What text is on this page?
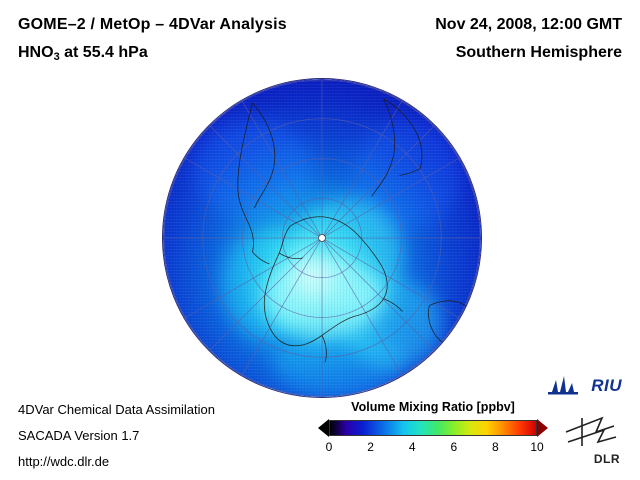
GOME–2 / MetOp – 4DVar Analysis
$HNO_3$ at 55.4 hPa
Nov 24, 2008, 12:00 GMT
Southern Hemisphere
4DVar Chemical Data Assimilation
SACADA Version 1.7
http://wdc.dlr.de
Volume Mixing Ratio [ppbv]
0	2	4	6	8	10
RIU
DLR
